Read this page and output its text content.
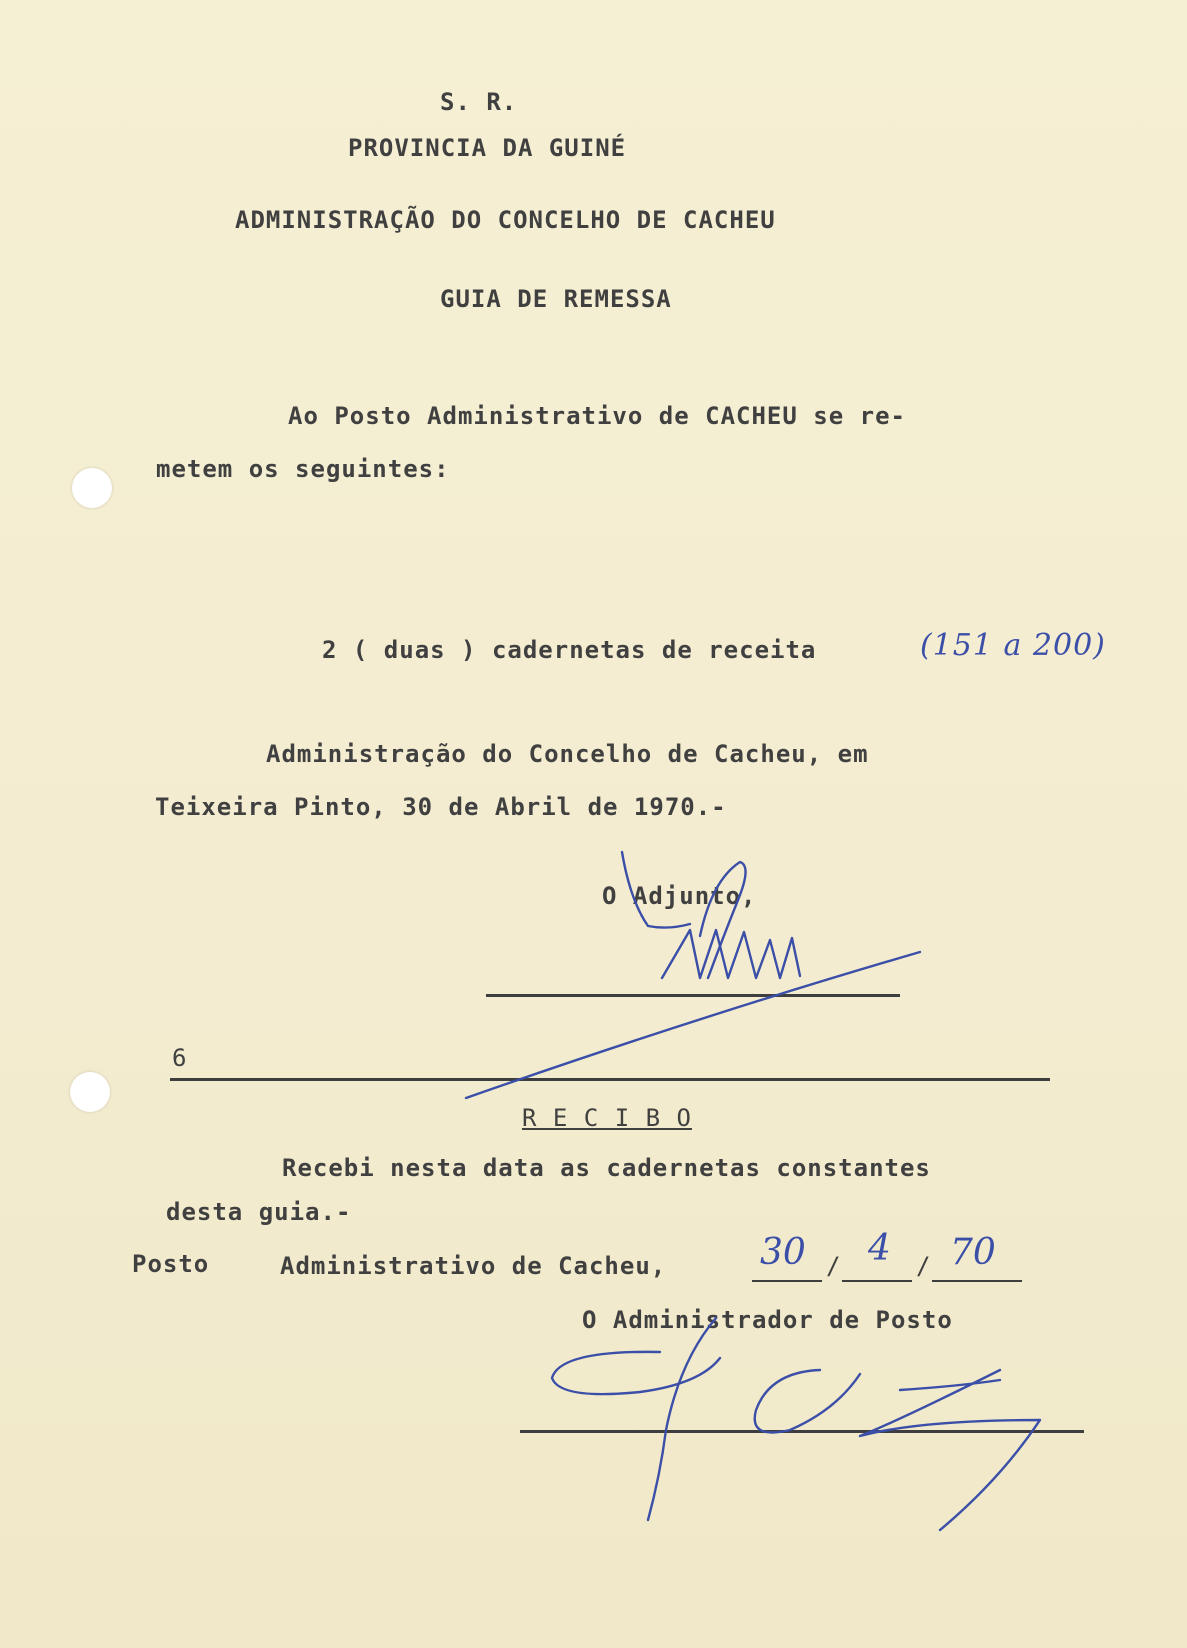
S. R.
PROVINCIA DA GUINÉ
ADMINISTRAÇÃO DO CONCELHO DE CACHEU
GUIA DE REMESSA
Ao Posto Administrativo de CACHEU se re-
metem os seguintes:
2 ( duas ) cadernetas de receita	(151 a 200)
Administração do Concelho de Cacheu, em
Teixeira Pinto, 30 de Abril de 1970.-
O Adjunto,
6
R E C I B O
Recebi nesta data as cadernetas constantes
desta guia.-
Posto	Administrativo de Cacheu,	/	/
30 4 70
O Administrador de Posto
